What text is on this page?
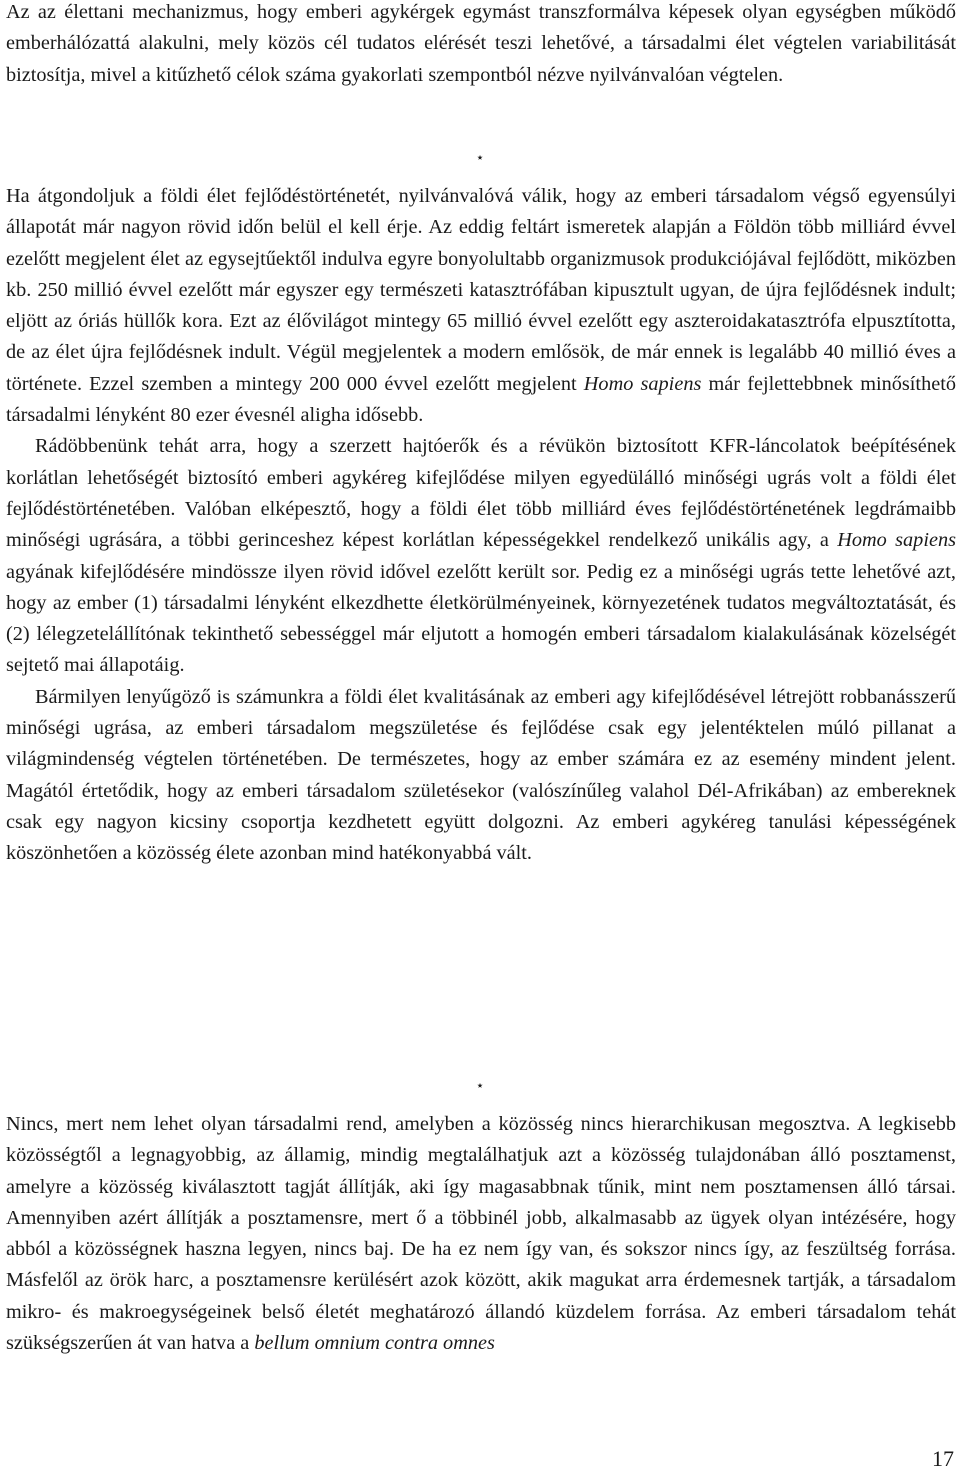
Az az élettani mechanizmus, hogy emberi agykérgek egymást transzformálva képesek olyan egységben működő emberhálózattá alakulni, mely közös cél tudatos elérését teszi lehetővé, a társadalmi élet végtelen variabilitását biztosítja, mivel a kitűzhető célok száma gyakorlati szempontból nézve nyilvánvalóan végtelen.

⋆

Ha átgondoljuk a földi élet fejlődéstörténetét, nyilvánvalóvá válik, hogy az emberi társadalom végső egyensúlyi állapotát már nagyon rövid időn belül el kell érje. Az eddig feltárt ismeretek alapján a Földön több milliárd évvel ezelőtt megjelent élet az egysejtűektől indulva egyre bonyolultabb organizmusok produkciójával fejlődött, miközben kb. 250 millió évvel ezelőtt már egyszer egy természeti katasztrófában kipusztult ugyan, de újra fejlődésnek indult; eljött az óriás hüllők kora. Ezt az élővilágot mintegy 65 millió évvel ezelőtt egy aszteroidakatasztrófa elpusztította, de az élet újra fejlődésnek indult. Végül megjelentek a modern emlősök, de már ennek is legalább 40 millió éves a története. Ezzel szemben a mintegy 200 000 évvel ezelőtt megjelent Homo sapiens már fejlettebbnek minősíthető társadalmi lényként 80 ezer évesnél aligha idősebb.

Rádöbbenünk tehát arra, hogy a szerzett hajtóerők és a révükön biztosított KFR-láncolatok beépítésének korlátlan lehetőségét biztosító emberi agykéreg kifejlődése milyen egyedülálló minőségi ugrás volt a földi élet fejlődéstörténetében. Valóban elképesztő, hogy a földi élet több milliárd éves fejlődéstörténetének legdrámaibb minőségi ugrására, a többi gerinceshez képest korlátlan képességekkel rendelkező unikális agy, a Homo sapiens agyának kifejlődésére mindössze ilyen rövid idővel ezelőtt került sor. Pedig ez a minőségi ugrás tette lehetővé azt, hogy az ember (1) társadalmi lényként elkezdhette életkörülményeinek, környezetének tudatos megváltoztatását, és (2) lélegzetelállítónak tekinthető sebességgel már eljutott a homogén emberi társadalom kialakulásának közelségét sejtető mai állapotáig.

Bármilyen lenyűgöző is számunkra a földi élet kvalitásának az emberi agy kifejlődésével létrejött robbanásszerű minőségi ugrása, az emberi társadalom megszületése és fejlődése csak egy jelentéktelen múló pillanat a világmindenség végtelen történetében. De természetes, hogy az ember számára ez az esemény mindent jelent. Magától értetődik, hogy az emberi társadalom születésekor (valószínűleg valahol Dél-Afrikában) az embereknek csak egy nagyon kicsiny csoportja kezdhetett együtt dolgozni. Az emberi agykéreg tanulási képességének köszönhetően a közösség élete azonban mind hatékonyabbá vált.

⋆

Nincs, mert nem lehet olyan társadalmi rend, amelyben a közösség nincs hierarchikusan megosztva. A legkisebb közösségtől a legnagyobbig, az államig, mindig megtalálhatjuk azt a közösség tulajdonában álló posztamenst, amelyre a közösség kiválasztott tagját állítják, aki így magasabbnak tűnik, mint nem posztamensen álló társai. Amennyiben azért állítják a posztamensre, mert ő a többinél jobb, alkalmasabb az ügyek olyan intézésére, hogy abból a közösségnek haszna legyen, nincs baj. De ha ez nem így van, és sokszor nincs így, az feszültség forrása. Másfelől az örök harc, a posztamensre kerülésért azok között, akik magukat arra érdemesnek tartják, a társadalom mikro- és makroegységeinek belső életét meghatározó állandó küzdelem forrása. Az emberi társadalom tehát szükségszerűen át van hatva a bellum omnium contra omnes

17
